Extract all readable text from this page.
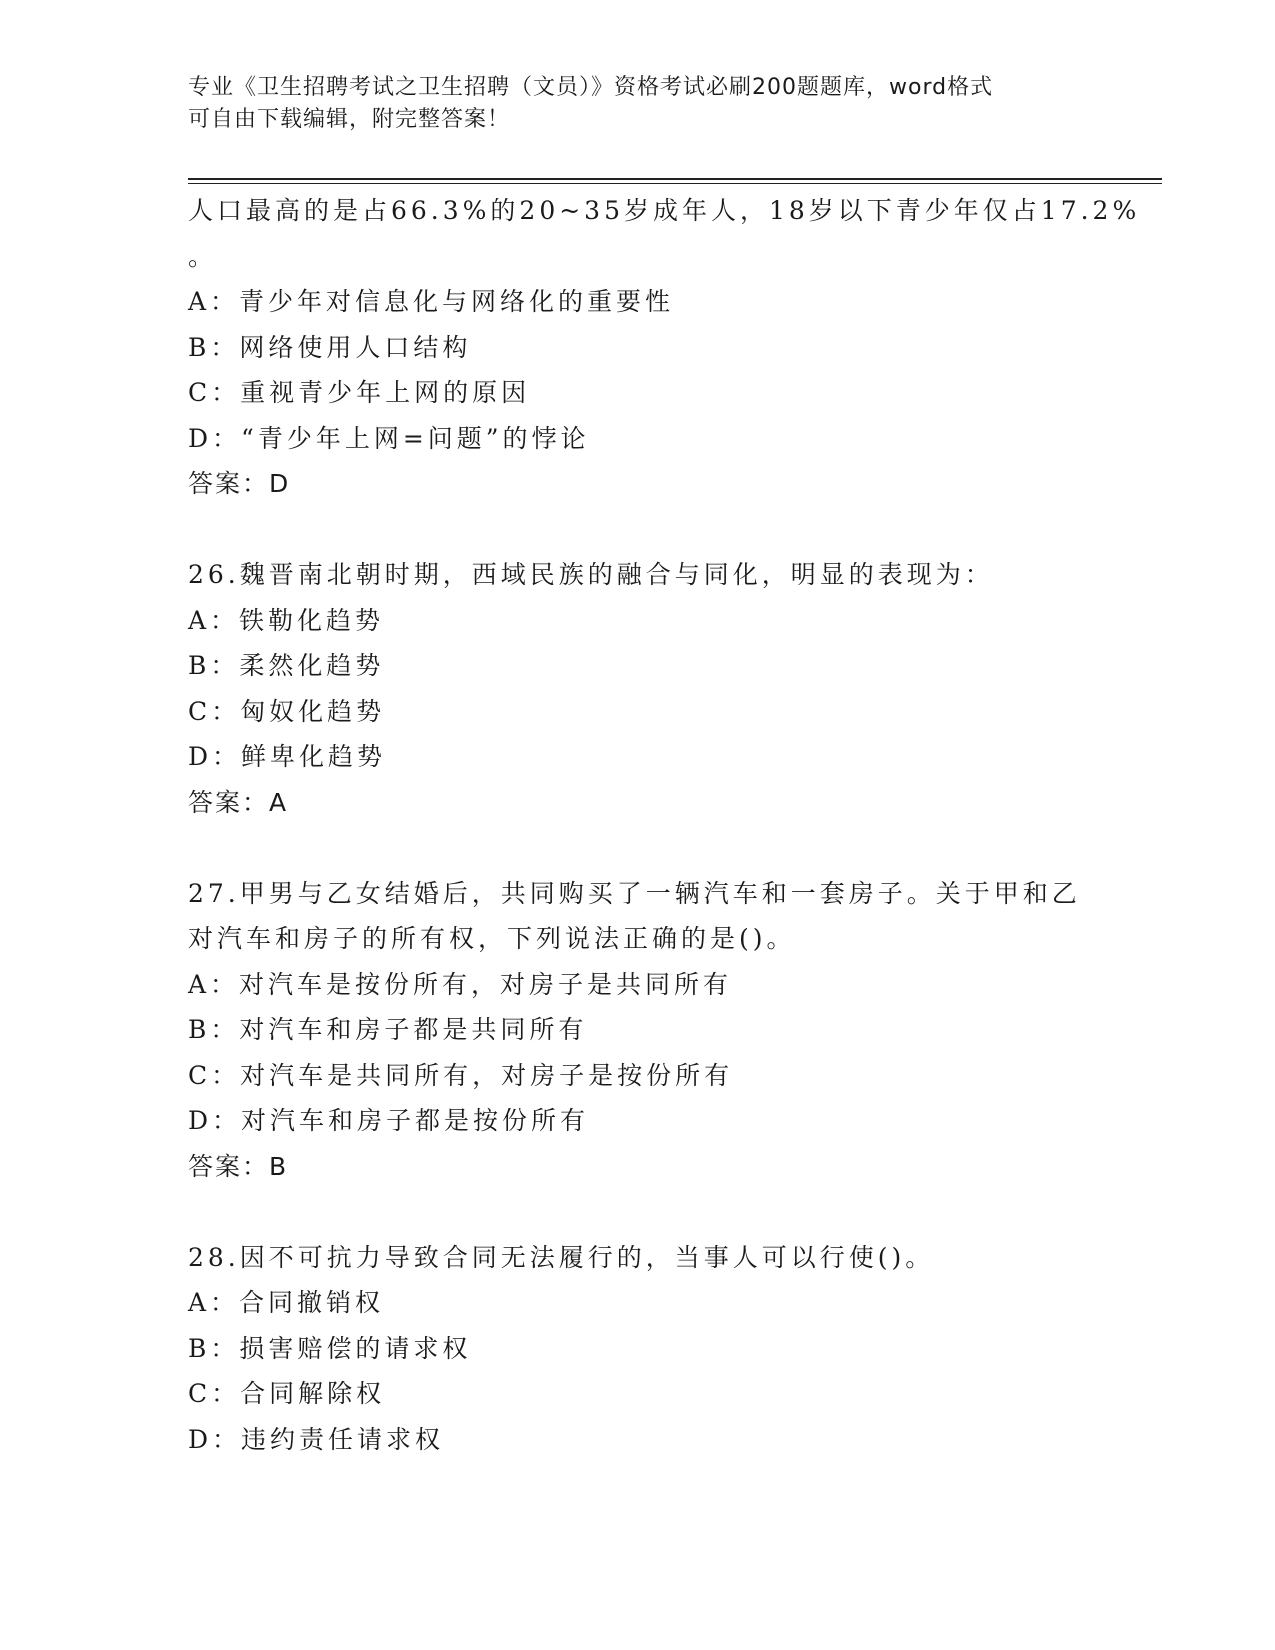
专业《卫生招聘考试之卫生招聘（文员）》资格考试必刷200题题库，word格式
可自由下载编辑，附完整答案！
人口最高的是占66.3%的20~35岁成年人，18岁以下青少年仅占17.2%
。
A：青少年对信息化与网络化的重要性
B：网络使用人口结构
C：重视青少年上网的原因
D：“青少年上网=问题”的悖论
答案：D
26.魏晋南北朝时期，西域民族的融合与同化，明显的表现为：
A：铁勒化趋势
B：柔然化趋势
C：匈奴化趋势
D：鲜卑化趋势
答案：A
27.甲男与乙女结婚后，共同购买了一辆汽车和一套房子。关于甲和乙
对汽车和房子的所有权，下列说法正确的是()。
A：对汽车是按份所有，对房子是共同所有
B：对汽车和房子都是共同所有
C：对汽车是共同所有，对房子是按份所有
D：对汽车和房子都是按份所有
答案：B
28.因不可抗力导致合同无法履行的，当事人可以行使()。
A：合同撤销权
B：损害赔偿的请求权
C：合同解除权
D：违约责任请求权
